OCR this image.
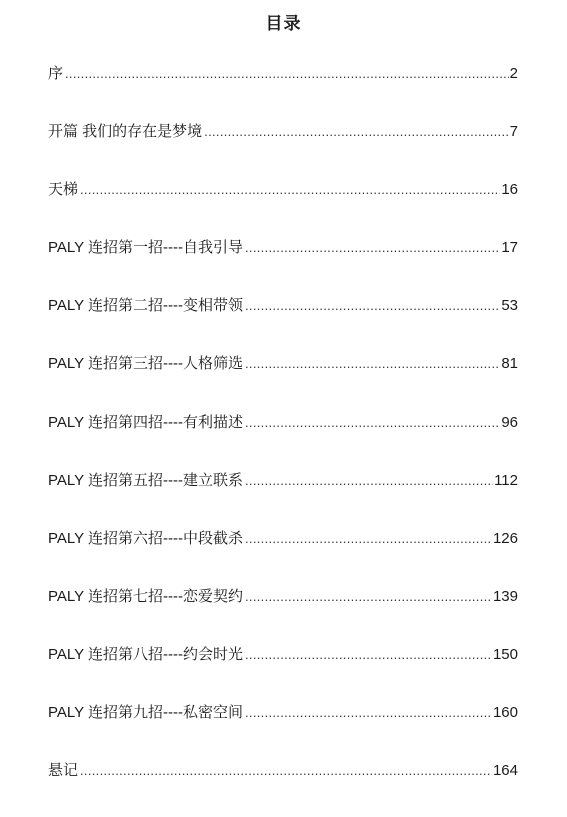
目录
序 .....	2
开篇 我们的存在是梦境 .....	7
天梯 .....	16
PALY 连招第一招----自我引导 .....	17
PALY 连招第二招----变相带领 .....	53
PALY 连招第三招----人格筛选 .....	81
PALY 连招第四招----有利描述 .....	96
PALY 连招第五招----建立联系 .....	112
PALY 连招第六招----中段截杀 .....	126
PALY 连招第七招----恋爱契约 .....	139
PALY 连招第八招----约会时光 .....	150
PALY 连招第九招----私密空间 .....	160
悬记 .....	164
